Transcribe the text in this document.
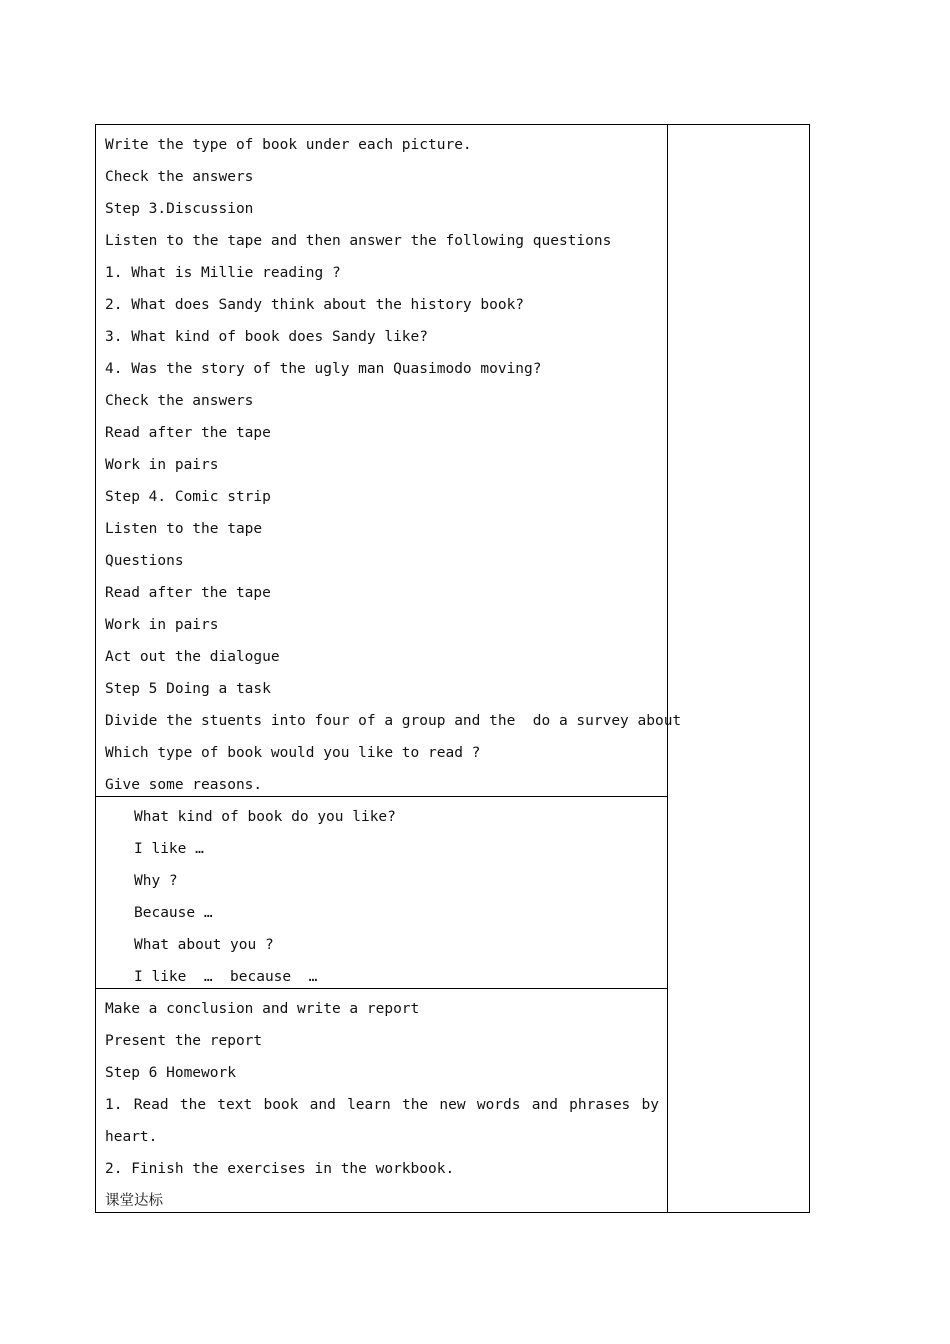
Write the type of book under each picture.
Check the answers
Step 3.Discussion
Listen to the tape and then answer the following questions
1. What is Millie reading ?
2. What does Sandy think about the history book?
3. What kind of book does Sandy like?
4. Was the story of the ugly man Quasimodo moving?
Check the answers
Read after the tape
Work in pairs
Step 4. Comic strip
Listen to the tape
Questions
Read after the tape
Work in pairs
Act out the dialogue
Step 5 Doing a task
Divide the stuents into four of a group and the  do a survey about
Which type of book would you like to read ?
Give some reasons.
What kind of book do you like?
I like …
Why ?
Because …
What about you ?
I like  …  because  …
Make a conclusion and write a report
Present the report
Step 6 Homework
1. Read the text book and learn the new words and phrases by
heart.
2. Finish the exercises in the workbook.
课堂达标
